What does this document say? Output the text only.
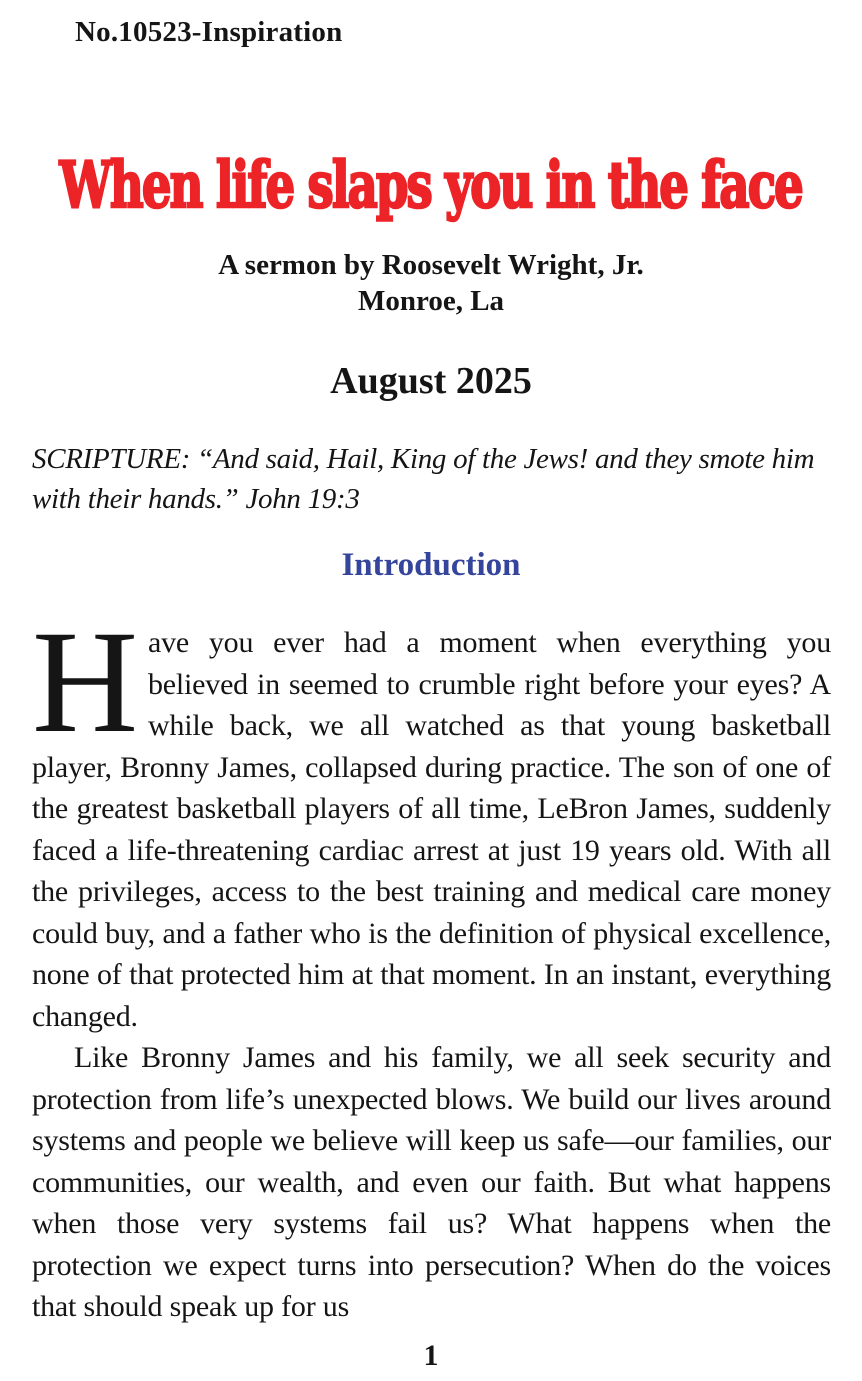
No.10523-Inspiration
When life slaps you in the face
A sermon by Roosevelt Wright, Jr.
Monroe, La
August 2025
SCRIPTURE: “And said, Hail, King of the Jews! and they smote him with their hands.” John 19:3
Introduction

Have you ever had a moment when everything you believed in seemed to crumble right before your eyes? A while back, we all watched as that young basketball player, Bronny James, collapsed during practice. The son of one of the greatest basketball players of all time, LeBron James, suddenly faced a life-threatening cardiac arrest at just 19 years old. With all the privileges, access to the best training and medical care money could buy, and a father who is the definition of physical excellence, none of that protected him at that moment. In an instant, everything changed.

Like Bronny James and his family, we all seek security and protection from life’s unexpected blows. We build our lives around systems and people we believe will keep us safe—our families, our communities, our wealth, and even our faith. But what happens when those very systems fail us? What happens when the protection we expect turns into persecution? When do the voices that should speak up for us

1
